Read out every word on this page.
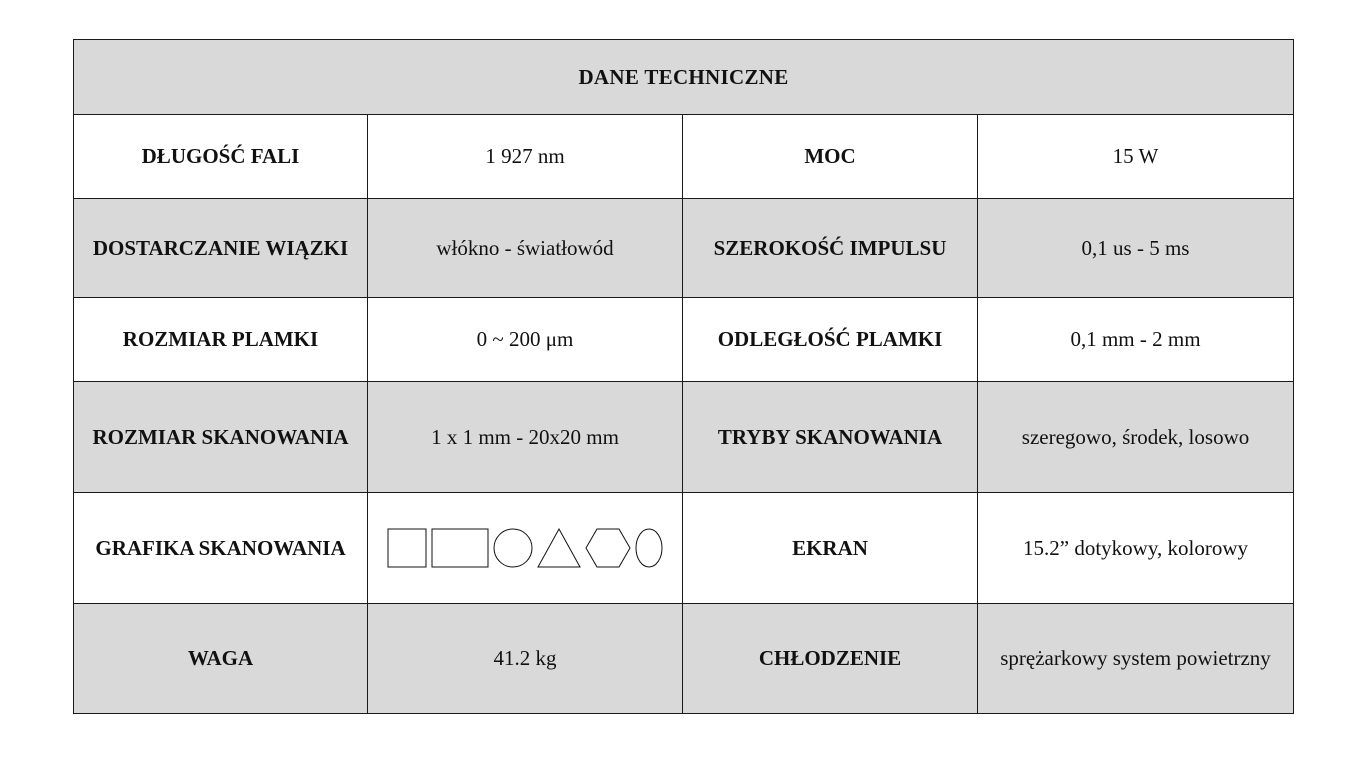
DANE TECHNICZNE			
DŁUGOŚĆ FALI	1 927 nm	MOC	15 W
DOSTARCZANIE WIĄZKI	włókno - światłowód	SZEROKOŚĆ IMPULSU	0,1 us - 5 ms
ROZMIAR PLAMKI	0 ~ 200 μm	ODLEGŁOŚĆ PLAMKI	0,1 mm - 2 mm
ROZMIAR SKANOWANIA	1 x 1 mm - 20x20 mm	TRYBY SKANOWANIA	szeregowo, środek, losowo
GRAFIKA SKANOWANIA		EKRAN	15.2” dotykowy, kolorowy
WAGA	41.2 kg	CHŁODZENIE	sprężarkowy system powietrzny
